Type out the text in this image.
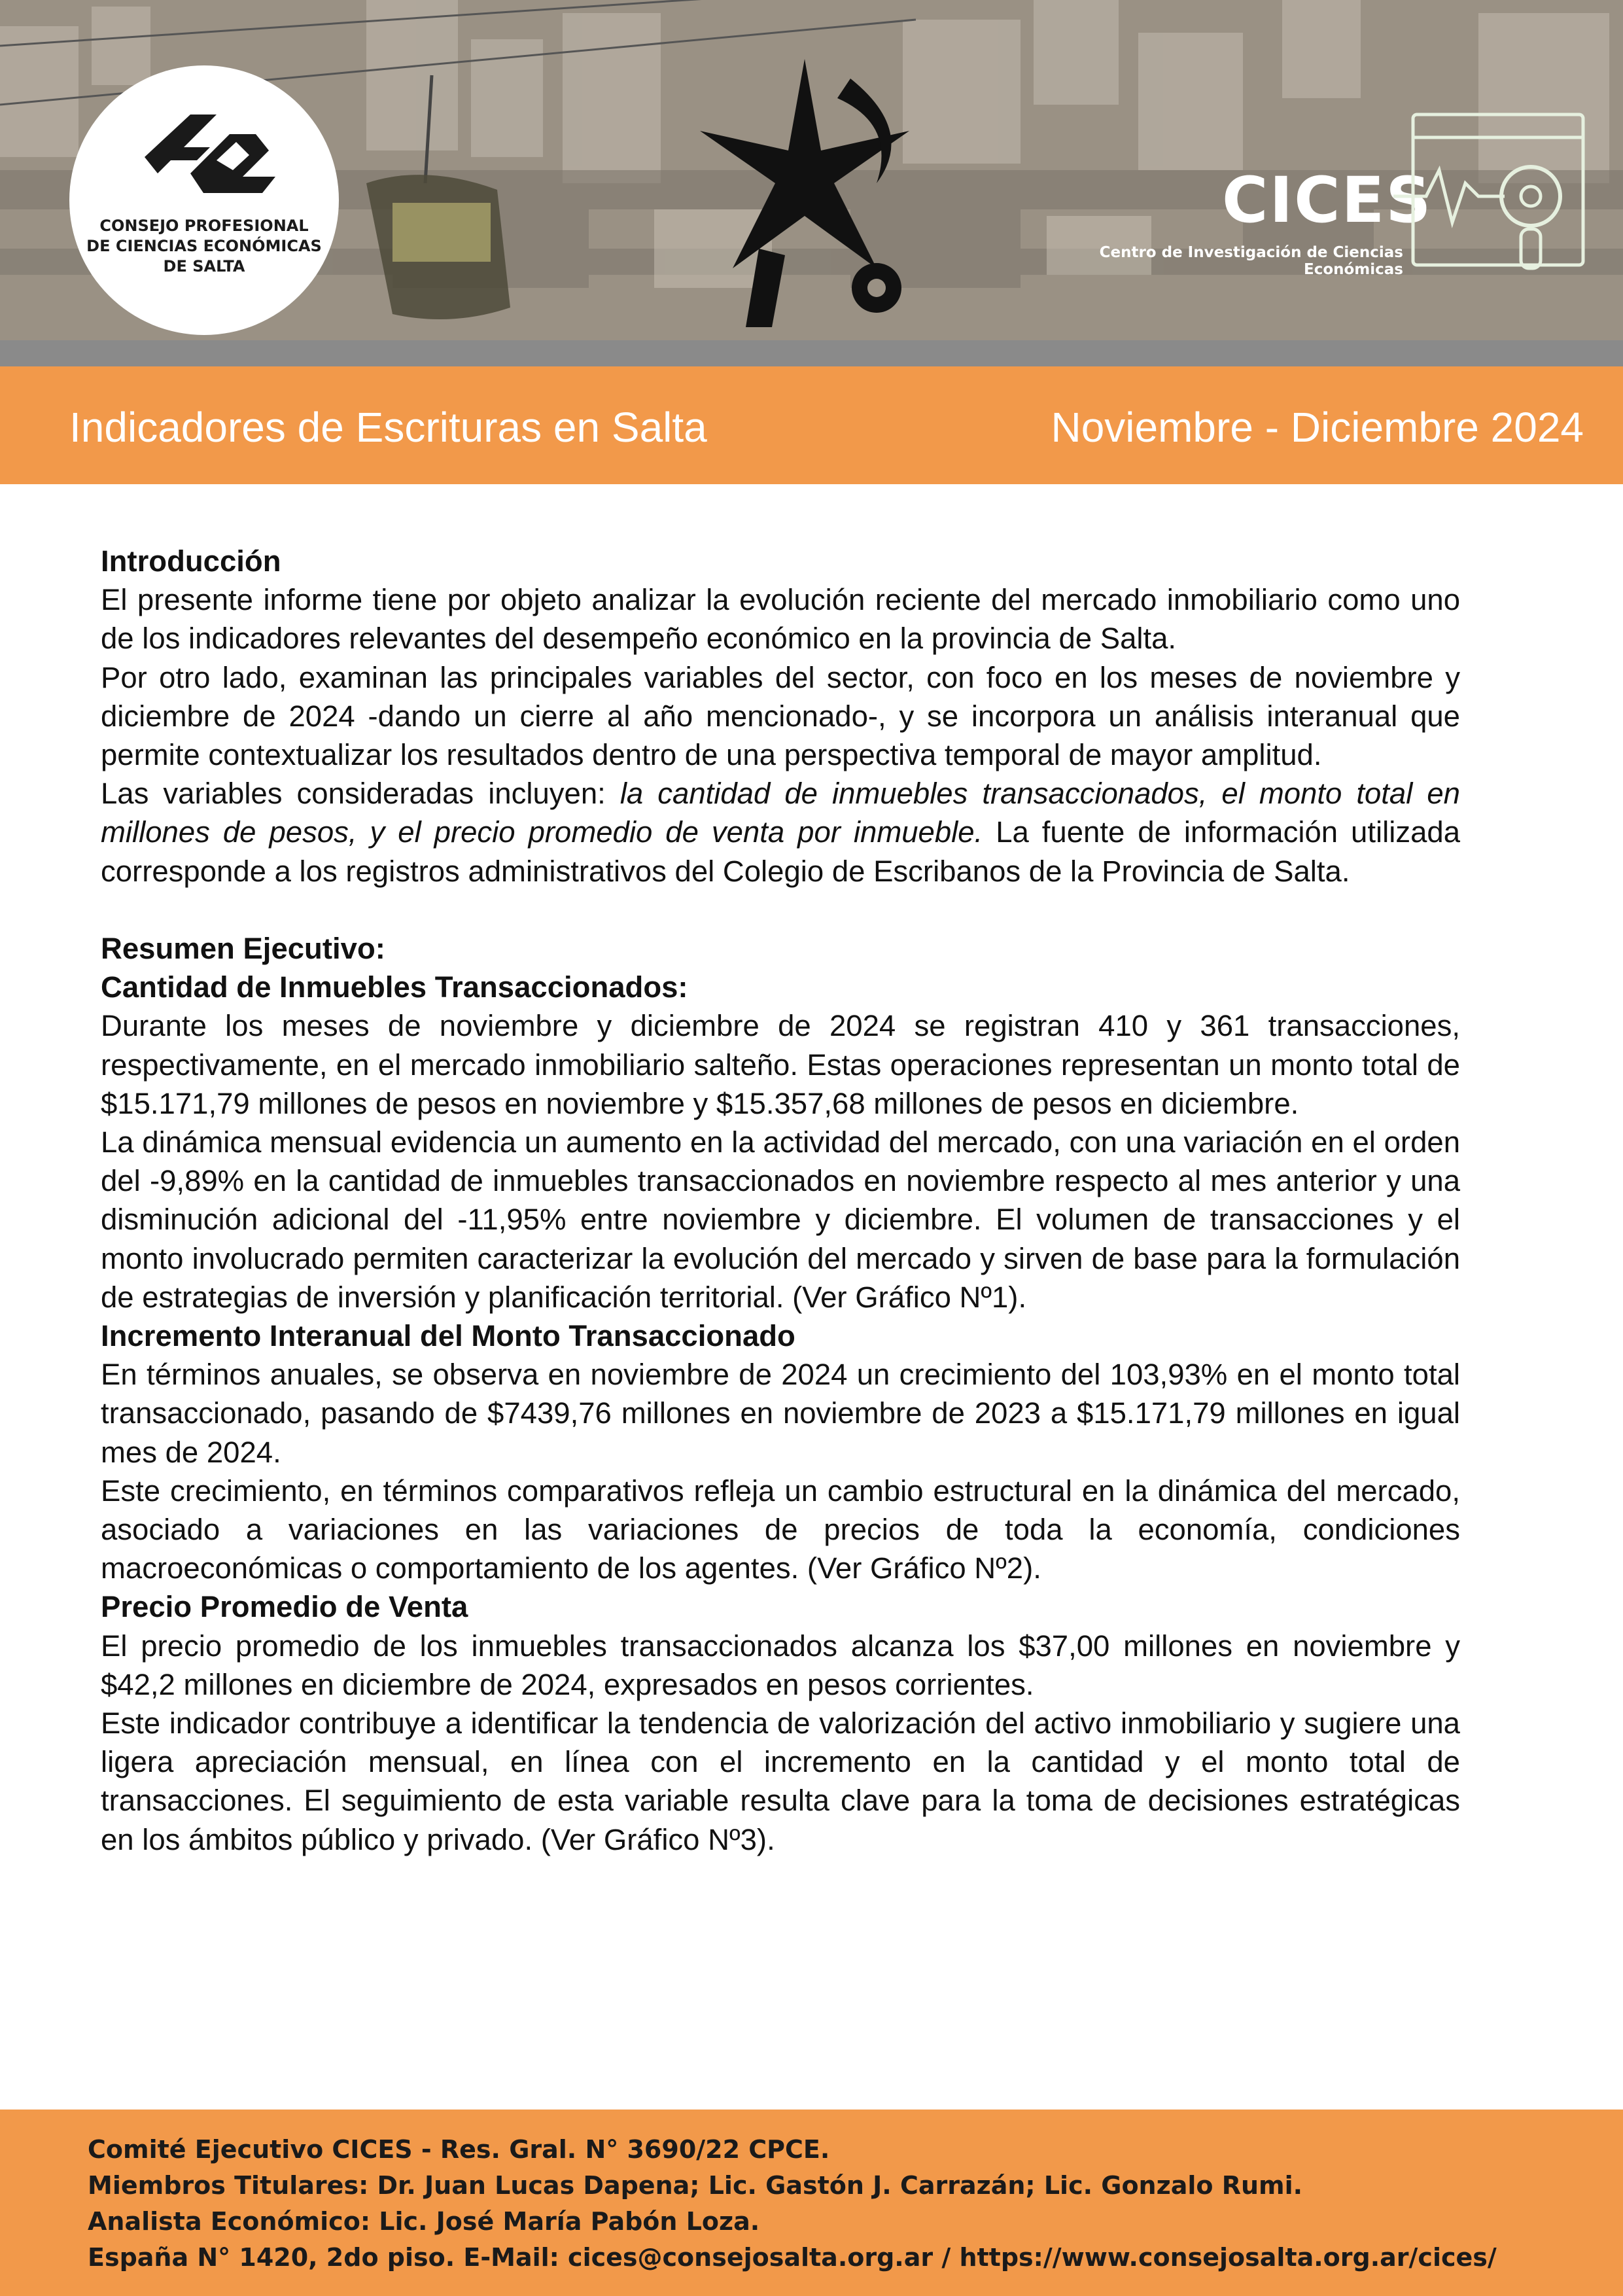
CONSEJO PROFESIONAL
DE CIENCIAS ECONÓMICAS
DE SALTA
CICES
Centro de Investigación de Ciencias Económicas
Indicadores de Escrituras en Salta	Noviembre - Diciembre 2024
Introducción

El presente informe tiene por objeto analizar la evolución reciente del mercado inmobiliario como uno de los indicadores relevantes del desempeño económico en la provincia de Salta.

Por otro lado, examinan las principales variables del sector, con foco en los meses de noviembre y diciembre de 2024 -dando un cierre al año mencionado-, y se incorpora un análisis interanual que permite contextualizar los resultados dentro de una perspectiva temporal de mayor amplitud.

Las variables consideradas incluyen: la cantidad de inmuebles transaccionados, el monto total en millones de pesos, y el precio promedio de venta por inmueble. La fuente de información utilizada corresponde a los registros administrativos del Colegio de Escribanos de la Provincia de Salta.

Resumen Ejecutivo:
Cantidad de Inmuebles Transaccionados:

Durante los meses de noviembre y diciembre de 2024 se registran 410 y 361 transacciones, respectivamente, en el mercado inmobiliario salteño. Estas operaciones representan un monto total de $15.171,79 millones de pesos en noviembre y $15.357,68 millones de pesos en diciembre.

La dinámica mensual evidencia un aumento en la actividad del mercado, con una variación en el orden del -9,89% en la cantidad de inmuebles transaccionados en noviembre respecto al mes anterior y una disminución adicional del -11,95% entre noviembre y diciembre. El volumen de transacciones y el monto involucrado permiten caracterizar la evolución del mercado y sirven de base para la formulación de estrategias de inversión y planificación territorial. (Ver Gráfico Nº1).

Incremento Interanual del Monto Transaccionado

En términos anuales, se observa en noviembre de 2024 un crecimiento del 103,93% en el monto total transaccionado, pasando de $7439,76 millones en noviembre de 2023 a $15.171,79 millones en igual mes de 2024.

Este crecimiento, en términos comparativos refleja un cambio estructural en la dinámica del mercado, asociado a variaciones en las variaciones de precios de toda la economía, condiciones macroeconómicas o comportamiento de los agentes. (Ver Gráfico Nº2).

Precio Promedio de Venta

El precio promedio de los inmuebles transaccionados alcanza los $37,00 millones en noviembre y $42,2 millones en diciembre de 2024, expresados en pesos corrientes.

Este indicador contribuye a identificar la tendencia de valorización del activo inmobiliario y sugiere una ligera apreciación mensual, en línea con el incremento en la cantidad y el monto total de transacciones. El seguimiento de esta variable resulta clave para la toma de decisiones estratégicas en los ámbitos público y privado. (Ver Gráfico Nº3).

Comité Ejecutivo CICES - Res. Gral. N° 3690/22 CPCE.
Miembros Titulares: Dr. Juan Lucas Dapena; Lic. Gastón J. Carrazán; Lic. Gonzalo Rumi.
Analista Económico: Lic. José María Pabón Loza.
España N° 1420, 2do piso. E-Mail: cices@consejosalta.org.ar / https://www.consejosalta.org.ar/cices/
